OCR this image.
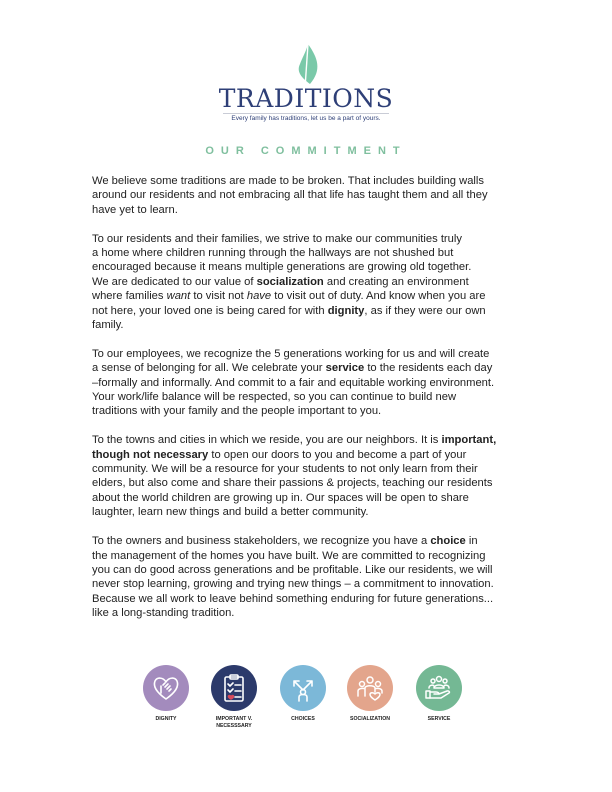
TRADITIONS
Every family has traditions, let us be a part of yours.
OUR COMMITMENT

We believe some traditions are made to be broken. That includes building walls
around our residents and not embracing all that life has taught them and all they
have yet to learn.

To our residents and their families, we strive to make our communities truly
a home where children running through the hallways are not shushed but
encouraged because it means multiple generations are growing old together.
We are dedicated to our value of socialization and creating an environment
where families want to visit not have to visit out of duty. And know when you are
not here, your loved one is being cared for with dignity, as if they were our own
family.

To our employees, we recognize the 5 generations working for us and will create
a sense of belonging for all. We celebrate your service to the residents each day
–formally and informally. And commit to a fair and equitable working environment.
Your work/life balance will be respected, so you can continue to build new
traditions with your family and the people important to you.

To the towns and cities in which we reside, you are our neighbors. It is important,
though not necessary to open our doors to you and become a part of your
community. We will be a resource for your students to not only learn from their
elders, but also come and share their passions & projects, teaching our residents
about the world children are growing up in. Our spaces will be open to share
laughter, learn new things and build a better community.

To the owners and business stakeholders, we recognize you have a choice in
the management of the homes you have built. We are committed to recognizing
you can do good across generations and be profitable. Like our residents, we will
never stop learning, growing and trying new things – a commitment to innovation.
Because we all work to leave behind something enduring for future generations...
like a long-standing tradition.

DIGNITY	IMPORTANT V.
NECESSSARY
CHOICES	SOCIALIZATION	SERVICE
